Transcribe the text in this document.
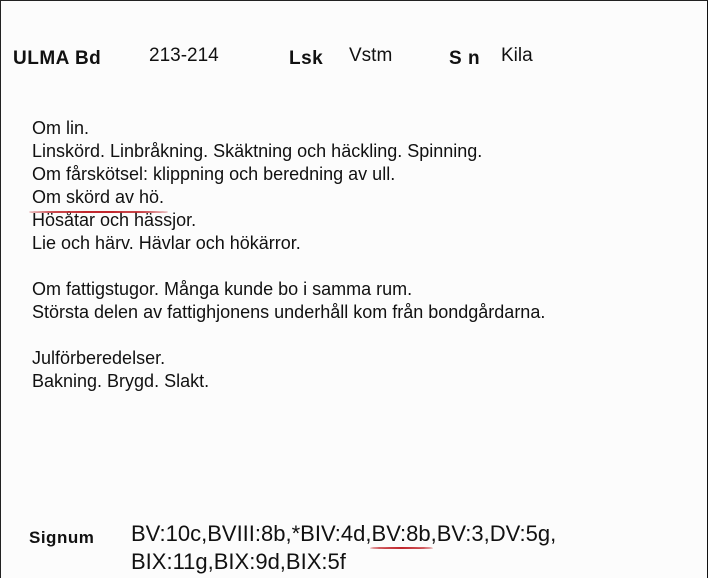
ULMA Bd	213-214	Lsk Vstm	S n Kila
Om lin.
Linskörd. Linbråkning. Skäktning och häckling. Spinning.
Om fårskötsel: klippning och beredning av ull.
Om skörd av hö.
Hösåtar och hässjor.
Lie och härv. Hävlar och hökärror.
Om fattigstugor. Många kunde bo i samma rum.
Största delen av fattighjonens underhåll kom från bondgårdarna.
Julförberedelser.
Bakning. Brygd. Slakt.
Signum BV:10c,BVIII:8b,*BIV:4d,BV:8b,BV:3,DV:5g,
BIX:11g,BIX:9d,BIX:5f
